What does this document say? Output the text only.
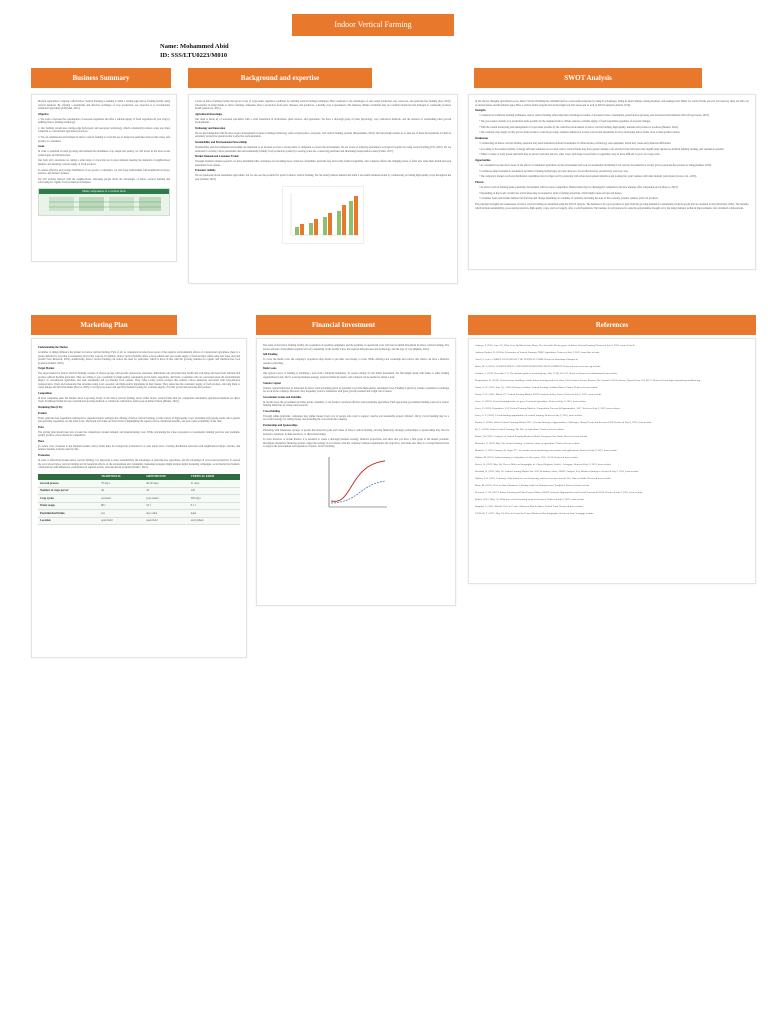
Indoor Vertical Farming
Name: Mohammed Abid
ID: SSS/LTU0223/M010
Business Summary	Background and expertise	SWOT Analysis

Modern Agriculture Company called Indoor Vertical Farming is seeking to build a cutting-edge indoor farming facility using vertical methods. By offering a sustainable and effective technique of crop production, our objective is to revolutionize traditional agriculture (TANSAR, 2021).

Objective

1. We want to increase the consumption of seasonal vegetables and offer a reliable supply of fresh vegetables all year long by utilizing indoor farming technology.

2. Our farming system uses cutting-edge hydroponic and aeroponic technology, which considerably reduces water use when compared to conventional agricultural practices.

3. We can optimize the environment in indoor vertical farming to avoid the use of dangerous pesticides and provide clean, safe produce to consumers.

Goals

In order to establish an ideal growing environment that maximizes crop output and quality, we will invest in the most recent technologies and infrastructure.

Our farm will concentrate on raising a wide range of crops that are in great demand, meeting the demands of neighborhood markets, and ensuring a steady supply of fresh products.

To ensure effective and prompt distribution of our goods to consumers, we will forge relationships with neighborhood shops, eateries, and farmers' markets.

We will actively interact with the neighborhood, educating people about the advantages of indoor vertical farming and advocating for organic food production techniques.

Main components of a vertical farm

Create an indoor farming facility that grows crops of crops under regulated conditions by utilizing vertical farming techniques. Have solutions to the advantages of year-round production, less water use, and pesticide-free farming (Kol, 2019). Uncertainty in using thanks to indoor farming companies. Due to protection from pests, diseases, and predictors, a healthy crop is guaranteed. The business climate conditions may be carefully monitored and managed to continually promote health (Antonova, 2021).

Agricultural Knowledge

Our team is made up of seasoned specialists with a solid foundation in horticulture, plant science, and agriculture. We have a thorough grasp of plant physiology, crop cultivation methods, and the nuances of establishing ideal growth environments.

Technology and Innovation

We are knowledgeable with the most recent developments in indoor farming technology, such as hydroponics, aeroponic, and vertical farming systems (Despommier, 2019). Our knowledge enables us to take use of these developments to build an extremely productive operation that is effective and sustainable.

Sustainability and Environmental Stewardship

Sustainability and environmental stewardship are important to us because we have a strong sense of obligation to protect the environment. We are aware of reducing agriculture's ecological footprint by using vertical farming (UN, 2022). We are dedicated to creating a more sustainable and environmentally friendly food production system by lowering water use, conserving pesticides and shortening transportation routes (Farms, 2017).

Market Demand and Consumer Trends

Through extensive market research, we have determined that consumers are becoming more conscious of healthier, pesticide-free and locally farmed vegetables. Our company reflects the changing tastes of folks who value their health and seek sustainable food options.

Economic viability

We are passionate about sustainable agriculture, but we also see the potential for profit in indoor vertical farming. We can satisfy market demand and build a successful business model by continuously providing high-quality crops throughout the year (Ireland, 2022).

In the always changing agricultural sector, Indoor Vertical Farming has establish itself as a successful enterprise by using its advantages, fixing its shortcomings, seizing business, and seeking leads. Better for vertical farms (as well as investors), there are still a lot of snarled issues and information gaps. Here a vertical farms program and an thorough look will assess and as well as SWOT analysis (Antrell, 2018).

Strengths

• Compared to traditional farming techniques, indoor vertical farming offers important advantages in terms of decreased water consumption, pesticide-free growing, and decreased environmental effect (Ecopowered, 2023).

• The year-round constant crop production made possible by the regulated indoor climate ensures a reliable supply of fresh vegetables regardless of seasonal changes.

• With the careful monitoring and management of crops made possible by the controlled environment of indoor vertical farming, high-quality, nutrient-rich produce is produced (Market, 2022).

• The company may supply locally grown, fresh produce to suit the growing consumer demand for locally sourced and sustainable food by developing indoor farms close to metropolitan centers.

Weaknesses

• Constructing an indoor vertical farming operation may need substantial upfront investments for infrastructure, technology, and equipment, which may create early financial difficulties.

• According to Yoosomsarn (2022) of energy-efficient solutions are not used, indoor vertical farms may have greater running costs and electricity bills since they significantly depend on artificial lighting, heating, and ventilation systems.

• While a variety of leafy greens and herbs may be grown vertically indoors, other crops, such large-rooted fruits or vegetables, may be more difficult to grow on a large scale.

Opportunities

• As consumers become more aware of the effects of traditional agriculture on the environment and look for sustainable and healthy food options, the demand for locally grown, pesticide-free produce is rising (Kakkar, 2020).

• Continuous improvements in automation and indoor farming technologies provide chances to boost effectiveness, productivity, and save costs.

• The company's market reach and distribution capabilities may be improved by partnering with urban development initiatives and looking into joint ventures with other industry participants (Grace et al., 2023).

Threats

• As indoor vertical farming gains popularity, the business will face more competition. Market share may be challenged if competitors and new entrants offer comparable goods (Pascoe, 2023).

• Depending on the locals' certain laws and licenses may be needed for indoor farming operations, which might cause red tape and delays.

• Consumer tastes and market demand can fluctuate and change depending on a number of variables, including the state of the economy, popular opinion, and food products.

The principal strengths and weaknesses of indoor vertical farming are identified using the SWOT analysis. The business is in a good position to gain from the growing demand for sustainably produced goods that are obtained locally (Ravindra, 2022). The benefits, which include sustainability, year-round production, high-quality crops, and local supply, offer a solid foundation. The business is well prepared to seize the opportunities brought on by the rising demand, technical improvements, and calculated collaborations.

Marketing Plan	Financial Investment	References

Understanding the Market

A number of things influence the market for indoor vertical farming. First of all, as consumers become more aware of the negative environmental effects of conventional agriculture, there is a strong demand for food that is sustainably and locally sourced. In addition, indoor vertical farming offers a more reliable and year-round supply of fresh produce while using less water and land (Grand View Research, 2022). Additionally, indoor vertical farming can reduce the need for pesticides, which is more in line with the growing demand for organic and chemical-free food products (Kakkar, 2020).

Target Market

The target market for Indoor Vertical Farming consists of diverse groups with specific preferences and needs. Individuals who prioritize their health and well-being and seek fresh, nutrient-rich produce without harmful pesticides. They are willing to pay a premium for high-quality, sustainably grown fruits, vegetables, and herbs. Consumers who are concerned about the environmental impact of conventional agriculture and seek sustainable and eco-friendly food options. They value locally grown produce that reduces carbon emissions associated with long-distance transportation. Chefs and restaurants that prioritize using local, seasonal, and high-quality ingredients in their menus. They appreciate the consistent supply of fresh produce, allowing them to create unique and flavorful dishes (Pascoe, 2023). Local grocery stores and specialty markets looking for a reliable supply of locally grown and pesticide-free produce.

Competition

In most companies enter the market, there is growing rivalry in the indoor vertical farming sector. Other indoor vertical farms that use comparable sustainable agricultural methods are direct rivals. Traditional farms that use conventional growing methods or collaborate with indoor farms pose an indirect threat (Market, 2022).

Marketing Plan (4 Ps)

Product

Fresh, pesticide-free vegetables cultivated in a regulated indoor setting is the offering of Indoor vertical farming. A wide variety of high-quality crops, including leafy greens, herbs, micro greens and speciality vegetables, are the main focus. The brand will stand out from rivals by highlighting the superior flavor, nutritional benefits, and year-round availability of the fruit.

Price

The pricing plan should take into account the competition, market demand, and manufacturing costs. While articulating the value proposition of sustainable farming practices and premium-quality produce, prices should be competitive.

Place

To assure close closeness to the intended market, indoor farms must be strategically positioned in or near urban areas. Creating distribution networks with neighborhood shops, eateries, and farmers' markets is made easier by this.

Promotion

In order to effectively market indoor vertical farming, it is important to stress sustainability, the advantages of pesticide-free agriculture, and the advantages of year-round production. To spread the word about indoor vertical farming and its beneficial effects on the environment and community, marketing strategies might include digital marketing campaigns, social media involvement, collaborations with influencers, participation in regional events, and educational programs (Kudric, 2021).

	TRADITIONAL	GREENHOUSE	VERTICAL FARM
Growth process	70 days	40-50 days	21 days
Number of crops per m²	40	45	120
Crop cycles	seasonal	year-round	365 days
Water usage	80 l	10 l	0.1 l
Pesticides/herbicides	yes	also often	none
Location	open field	open field	everywhere

The setup of the indoor farming facility, the acquisition of essential equipment, and the payment of operational costs will need an initial investment in indoor vertical farming. The precise amount of investment required will vary depending on the facility's size, the required infrastructure and technology, and the type of crop (Pipkins, 2021).

Self-Funding

To cover the initial costs, the company's proprietors may decide to put their own money to work. While offering total ownership and control, this choice can have a financial resource restricting.

Bank Loans

One typical source of funding is obtaining a loan from a financial institution. To receive money for the initial investment, the firm might speak with banks or other lending organizations (Lieb, 2021). A strong business strategy, projected financial results, and collateral can be needed to obtain a loan.

Venture Capital

Venture capital firms may be interested in indoor vertical farming given its potential to provide high-quality, sustainable food. Funding is given by venture capitalists in exchange for stock in the company. However, they frequently look for businesses with great growth potential and a high rate of return.

Government Grants and Subsidies

In certain areas, the government provides grants, subsidies, or tax breaks to promote effective and sustainable agriculture. Find appropriate government funding sources for indoor farming initiatives by doing some research.

Crowd funding

Through online platforms, companies may gather money from a lot of people who want to support creative and sustainable projects (Robert, 2021). Crowd funding may be a successful strategy for raising money and spreading the word about the company.

Partnerships and Sponsorships

Partnering with businesses, groups, or people that share the goals and values of indoor vertical farming can help financially. Strategic partnerships or sponsorships may involve monetary donations, in-kind resources, or shared knowledge.

To draw investors or obtain finance, it is essential to create a thorough business strategy, financial projections, and show that you have a firm grasp of the market potential. Investigate alternative financing options, adjust the strategy in accordance with the company's unique requirements and objectives, and make sure there is a strong financial base to support the development and expansion of indoor vertical farming.

Acharya, P. (2022, June 23). What Goes Up Must Come Down: The Scientific Reemergence of Indoor Vertical Farming! Retrieved July 9, 2023, from eCornell.

Anthony Ryabov, R. (2023a). Economics of Vertical Farming. FBBC Agriculture. Retrieved July 9, 2023, from fbbc website.

Anrell, S. (n.d.). A BRIEF ANALYSIS OF THE VERTICAL FARM. Retrieved from https://atlaspro.ai.

Bader, M. I. (2019). AGRICULTURAL AND FOOD MARKETING MANAGEMENT. Retrieved from www.fao.org website.

Castanh, A. (2019, December 17). The ultimate guide to marketing tips, (84), 73 (8), 421-711. Retrieved from www.atlasmanned.com website.

Despommier, D. (2019). Vertical farms: building a viable indoor farming model for cities. Field Actions Science Reports. The Journal of Field Actions, (Special Issue 20), 68-73. Retrieved from https://journals.openedition.org.

Farms, G. H. (2019, June 11). A Brief History of Indoor Vertical Farming. Gotham Harvest Farms. Retrieved from website.

Farms, G. H. (2022, March 17). Vertical Farming Market SWOT Analysis & Key Issues. Retrieved July 9, 2023, from website.

Grace, S. (2023). Vertical farming market to grow: Food and Agriculture: Retrieved July 9, 2023, from website.

Grace, P. (2023). Reputation. VAF Vertical Farming Market - Competition Forecast & Opportunities, 2027. Retrieved July 9, 2023, from website.

Jones, A. S. (2022). Crowd-funding opportunities in vertical farming. Retrieved July 9, 2023, from website.

Kackar, S. (2020). Indoor Vertical Farming Market 2021 | Growth Strategies, Opportunities, Challenges, Rising Trends and Revenue 2026. Retrieved July 9, 2023, from website.

Ko, L. (2019). Indoor Vertical Farming: The Rise of Agriculture. Retrieved from website.

Kudric, M. (2021). Analysis of Vertical Farming Business Model. European Case Study. Retrieved from website.

Mamedov, Y. (2023, May 24). Vertical farming - is this the future of agriculture? Retrieved from website.

Markella, V. (2023, January 4). Vogue TV - to consider when monitoring your produce and applications. Retrieved July 9, 2023, from website.

Pipkins, M. (2021). Indoor farming vs Agriculture. In this report, 13(1), 25-34. Retrieved from website.

Pascoe, D. (2023, May 14). How to Make an Infographic in 5 Steps (Beginner Guide) - Venngage. Retrieved July 9, 2023, from website.

Ravindra, K. (2022, May 11). Indoor Farming Market Size 2022 & Industry Share, SWOT Analysis, Key Business Strategies. Retrieved July 9, 2023, from website.

Pipkins, S. R. (2021, February). Why businesses need financing, and how investors benefit. The Times of India. Retrieved from website.

Pham, M. (2021). How to Start a Business: A Startup Guide for Entrepreneurs (Template). Retrieved from website.

Research, A. M. (2022). Indoor Farming and Plant Factory Market SWOT Analysis: Opportunities and Growth Forecast till 2030. Retrieved July 9, 2023, from website.

Robert. (2021, May 13). What does vertical farming mean to investors? Retrieved July 9, 2023, from website.

Stagnitti, A. (2022, March). How to Create a Business Plan to Start a Vertical Farm. Retrieved from website.

TANSAR, T. (2021, May 15). How to Create the Perfect Business Plan Infographic. Retrieved from Venngage website.
